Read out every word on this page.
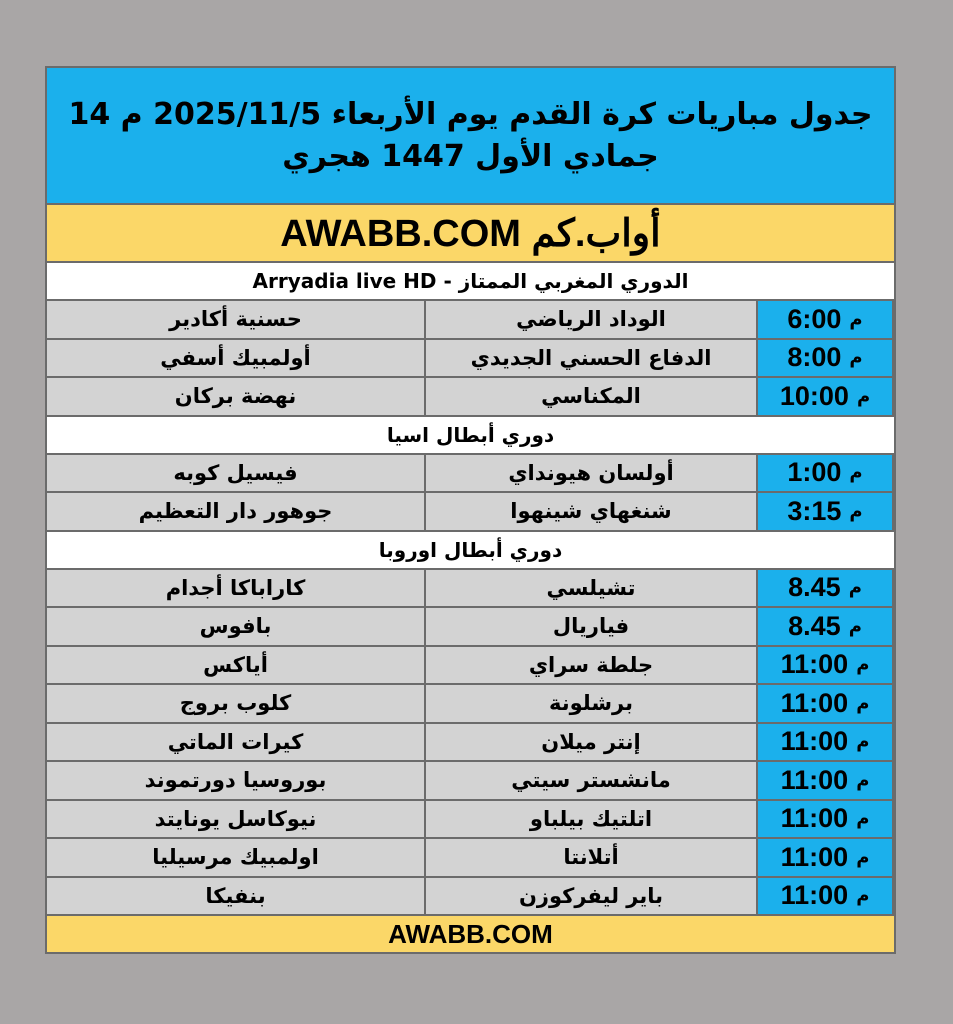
جدول مباريات كرة القدم يوم الأربعاء 2025/11/5 م 14 جمادي الأول 1447 هجري
أواب.كم AWABB.COM
الدوري المغربي الممتاز - Arryadia live HD
م
6:00
الوداد الرياضي
حسنية أكادير
م
8:00
الدفاع الحسني الجديدي
أولمبيك أسفي
م
10:00
المكناسي
نهضة بركان
دوري أبطال اسيا
م
1:00
أولسان هيونداي
فيسيل كوبه
م
3:15
شنغهاي شينهوا
جوهور دار التعظيم
دوري أبطال اوروبا
م
8.45
تشيلسي
كاراباكا أجدام
م
8.45
فياريال
بافوس
م
11:00
جلطة سراي
أياكس
م
11:00
برشلونة
كلوب بروج
م
11:00
إنتر ميلان
كيرات الماتي
م
11:00
مانشستر سيتي
بوروسيا دورتموند
م
11:00
اتلتيك بيلباو
نيوكاسل يونايتد
م
11:00
أتلانتا
اولمبيك مرسيليا
م
11:00
باير ليفركوزن
بنفيكا
AWABB.COM
